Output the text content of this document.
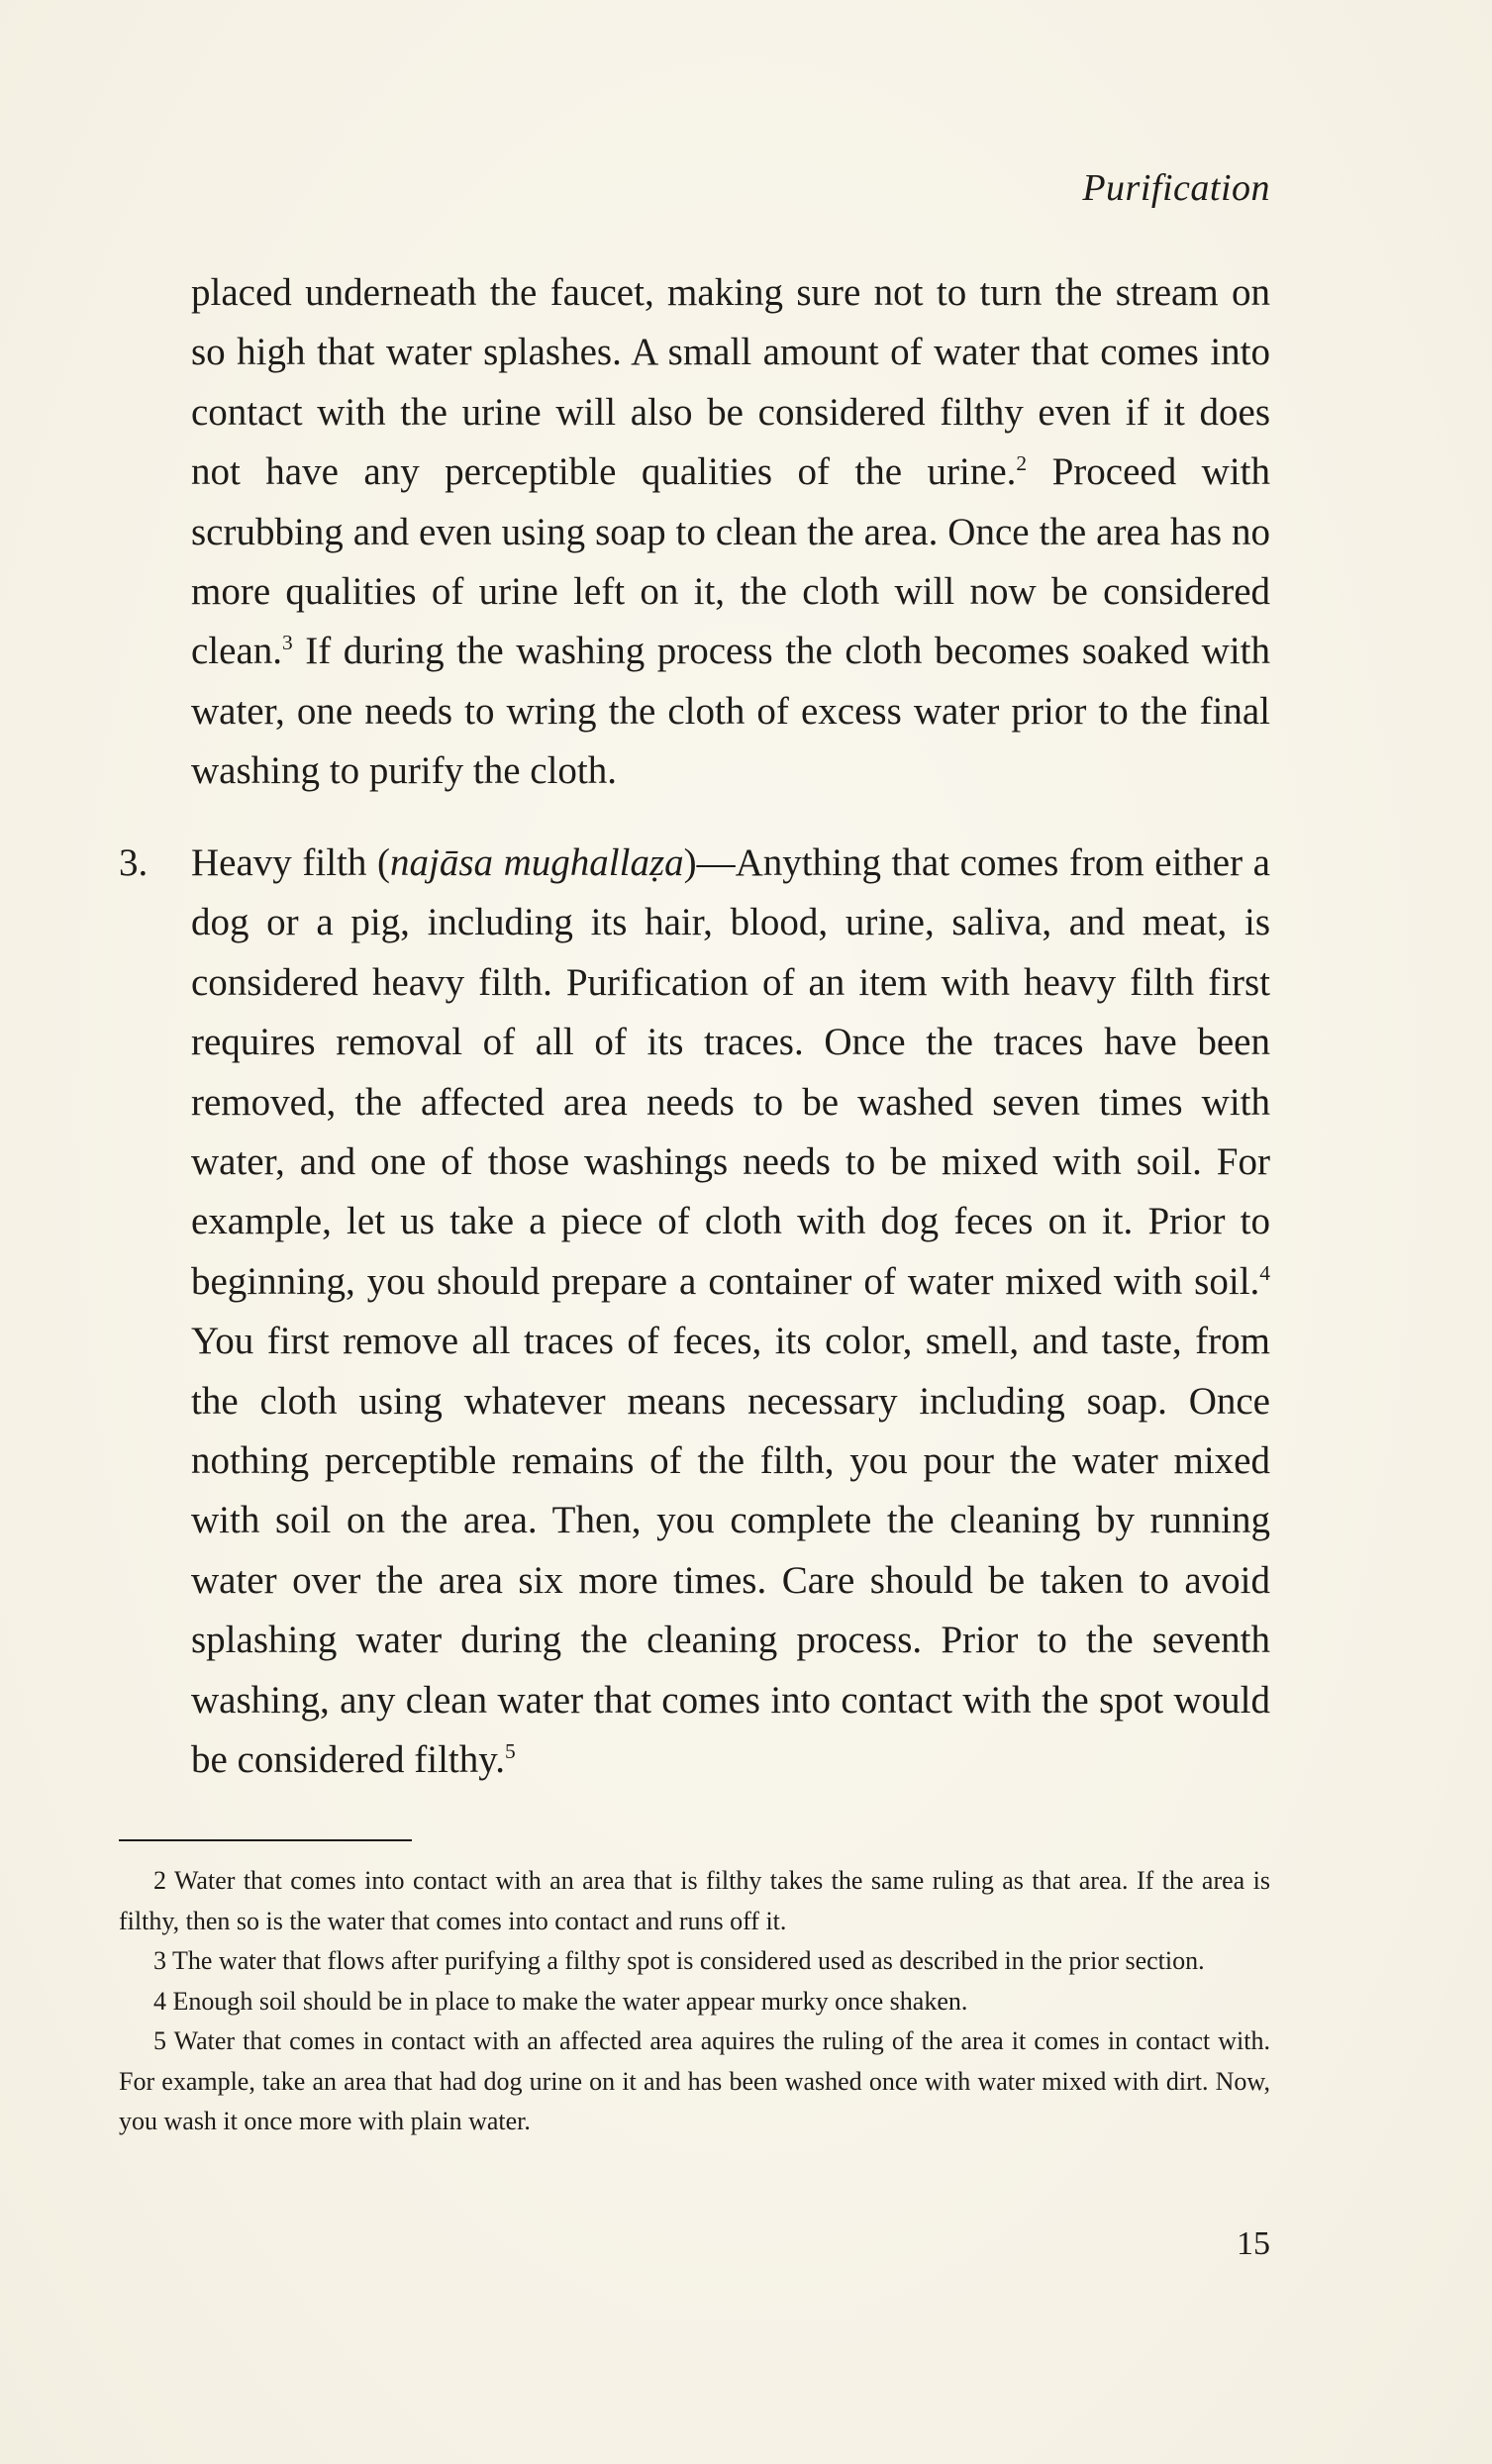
Purification
placed underneath the faucet, making sure not to turn the stream on so high that water splashes. A small amount of water that comes into contact with the urine will also be considered filthy even if it does not have any perceptible qualities of the urine.$^2$ Proceed with scrubbing and even using soap to clean the area. Once the area has no more qualities of urine left on it, the cloth will now be considered clean.$^3$ If during the washing process the cloth becomes soaked with water, one needs to wring the cloth of excess water prior to the final washing to purify the cloth.
3. Heavy filth (najāsa mughallaẓa)—Anything that comes from either a dog or a pig, including its hair, blood, urine, saliva, and meat, is considered heavy filth. Purification of an item with heavy filth first requires removal of all of its traces. Once the traces have been removed, the affected area needs to be washed seven times with water, and one of those washings needs to be mixed with soil. For example, let us take a piece of cloth with dog feces on it. Prior to beginning, you should prepare a container of water mixed with soil.$^4$ You first remove all traces of feces, its color, smell, and taste, from the cloth using whatever means necessary including soap. Once nothing perceptible remains of the filth, you pour the water mixed with soil on the area. Then, you complete the cleaning by running water over the area six more times. Care should be taken to avoid splashing water during the cleaning process. Prior to the seventh washing, any clean water that comes into contact with the spot would be considered filthy.$^5$

2 Water that comes into contact with an area that is filthy takes the same ruling as that area. If the area is filthy, then so is the water that comes into contact and runs off it.

3 The water that flows after purifying a filthy spot is considered used as described in the prior section.

4 Enough soil should be in place to make the water appear murky once shaken.

5 Water that comes in contact with an affected area aquires the ruling of the area it comes in contact with. For example, take an area that had dog urine on it and has been washed once with water mixed with dirt. Now, you wash it once more with plain water.

15
